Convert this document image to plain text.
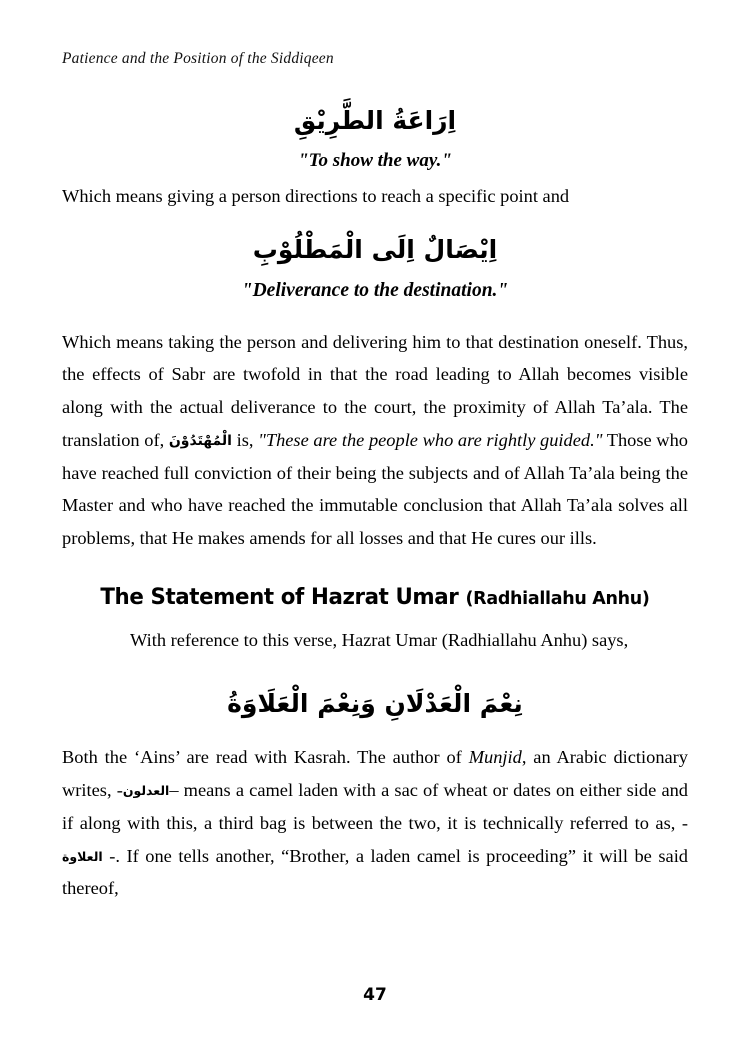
Patience and the Position of the Siddiqeen
اِرَاعَةُ الطَّرِيْقِ
"To show the way."

Which means giving a person directions to reach a specific point and

اِيْصَالٌ اِلَى الْمَطْلُوْبِ
"Deliverance to the destination."

Which means taking the person and delivering him to that destination oneself. Thus, the effects of Sabr are twofold in that the road leading to Allah becomes visible along with the actual deliverance to the court, the proximity of Allah Ta’ala. The translation of, الْمُهْتَدُوْنَ is, "These are the people who are rightly guided." Those who have reached full conviction of their being the subjects and of Allah Ta’ala being the Master and who have reached the immutable conclusion that Allah Ta’ala solves all problems, that He makes amends for all losses and that He cures our ills.

The Statement of Hazrat Umar (Radhiallahu Anhu)

With reference to this verse, Hazrat Umar (Radhiallahu Anhu) says,

نِعْمَ الْعَدْلَانِ وَنِعْمَ الْعَلَاوَةُ

Both the ‘Ains’ are read with Kasrah. The author of Munjid, an Arabic dictionary writes, -العدلون– means a camel laden with a sac of wheat or dates on either side and if along with this, a third bag is between the two, it is technically referred to as, - العلاوة -. If one tells another, “Brother, a laden camel is proceeding” it will be said thereof,

47
